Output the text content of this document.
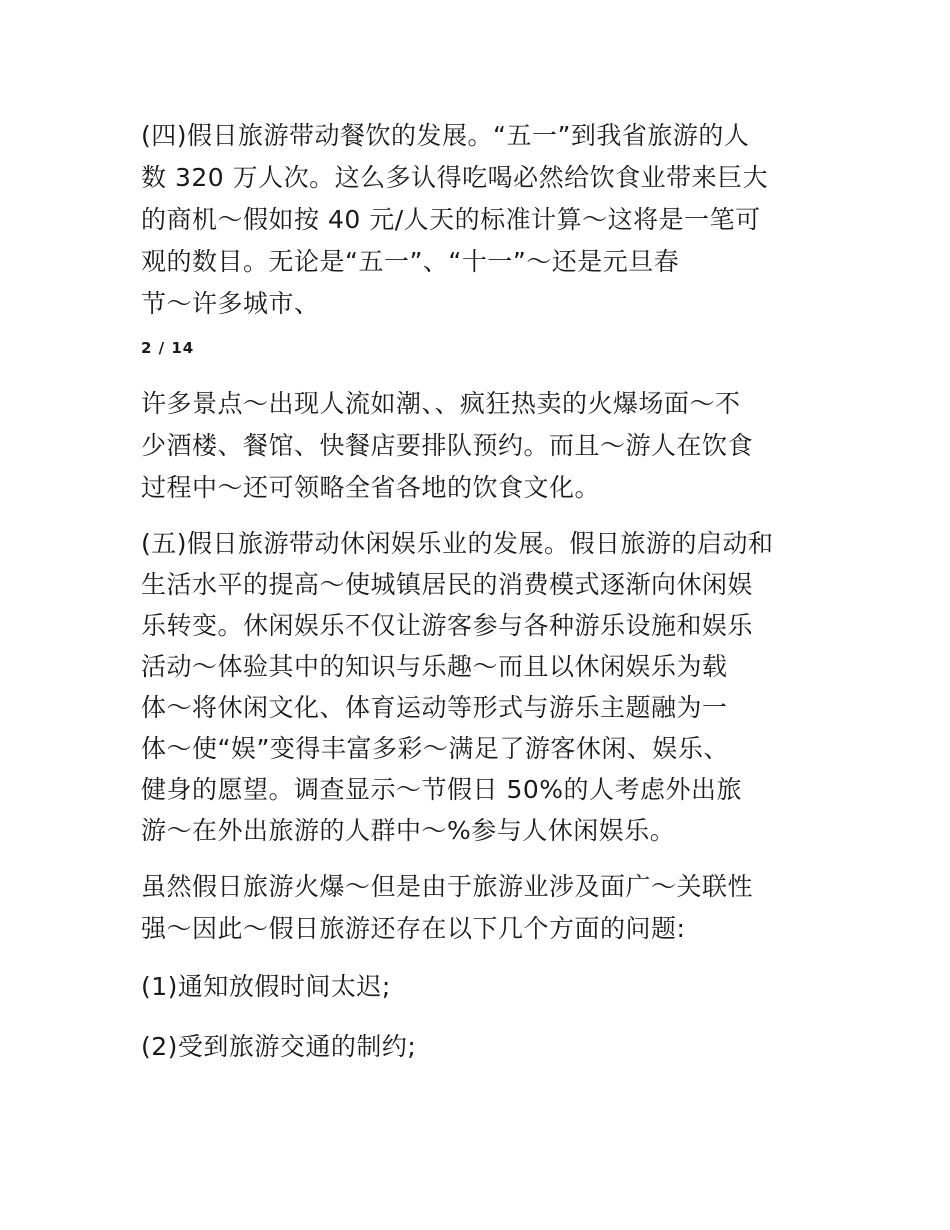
(四)假日旅游带动餐饮的发展。“五一”到我省旅游的人
数 320 万人次。这么多认得吃喝必然给饮食业带来巨大
的商机～假如按 40 元/人天的标准计算～这将是一笔可
观的数目。无论是“五一”、“十一”～还是元旦春
节～许多城市、
2 / 14
许多景点～出现人流如潮、、疯狂热卖的火爆场面～不
少酒楼、餐馆、快餐店要排队预约。而且～游人在饮食
过程中～还可领略全省各地的饮食文化。
(五)假日旅游带动休闲娱乐业的发展。假日旅游的启动和
生活水平的提高～使城镇居民的消费模式逐渐向休闲娱
乐转变。休闲娱乐不仅让游客参与各种游乐设施和娱乐
活动～体验其中的知识与乐趣～而且以休闲娱乐为载
体～将休闲文化、体育运动等形式与游乐主题融为一
体～使“娱”变得丰富多彩～满足了游客休闲、娱乐、
健身的愿望。调查显示～节假日 50%的人考虑外出旅
游～在外出旅游的人群中～%参与人休闲娱乐。
虽然假日旅游火爆～但是由于旅游业涉及面广～关联性
强～因此～假日旅游还存在以下几个方面的问题:
(1)通知放假时间太迟;
(2)受到旅游交通的制约;
